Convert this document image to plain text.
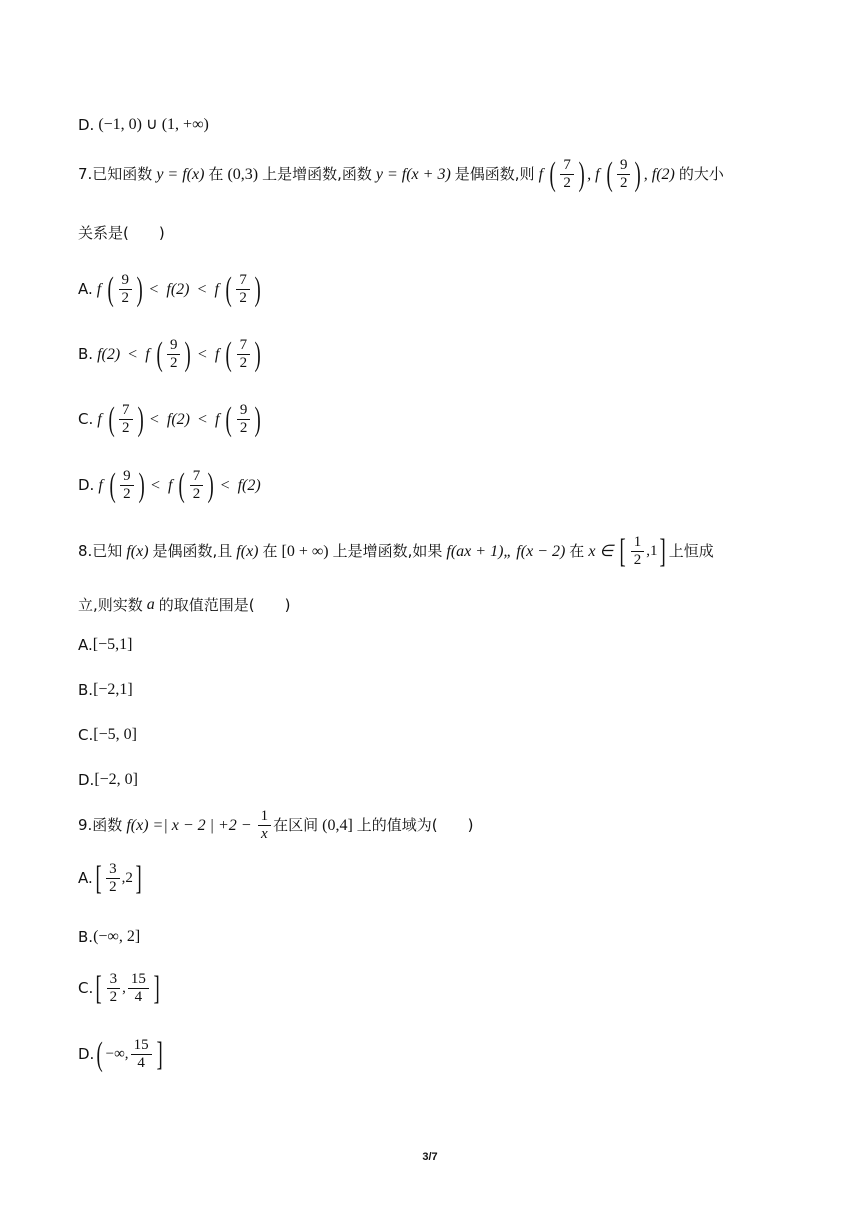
D. (−1, 0) ∪ (1, +∞)
7.已知函数 y = f(x) 在 (0,3) 上是增函数,函数 y = f(x + 3) 是偶函数,则 f ( $\frac{7}{2}$ ) , f ( $\frac{9}{2}$ ) , f(2) 的大小
关系是(　　)
A. f ( $\frac{9}{2}$ ) < f(2) < f ( $\frac{7}{2}$ )
B. f(2) < f ( $\frac{9}{2}$ ) < f ( $\frac{7}{2}$ )
C. f ( $\frac{7}{2}$ ) < f(2) < f ( $\frac{9}{2}$ )
D. f ( $\frac{9}{2}$ ) < f ( $\frac{7}{2}$ ) < f(2)
8.已知 f(x) 是偶函数,且 f(x) 在 [0 + ∞) 上是增函数,如果 f(ax + 1)„ f(x − 2) 在 x ∈ [ $\frac{1}{2} ,1$ ] 上恒成
立,则实数 a 的取值范围是(　　)
A. [−5,1]
B. [−2,1]
C. [−5, 0]
D. [−2, 0]
9.函数 f(x) =| x − 2 | $+2 - \frac{1}{x}$ 在区间 (0,4] 上的值域为(　　)
A. [ $\frac{3}{2} ,2$ ]
B. (−∞, 2]
C. [ $\frac{3}{2}$ , $\frac{15}{4}$ ]
D. ( −∞, $\frac{15}{4}$ ]
3/7
